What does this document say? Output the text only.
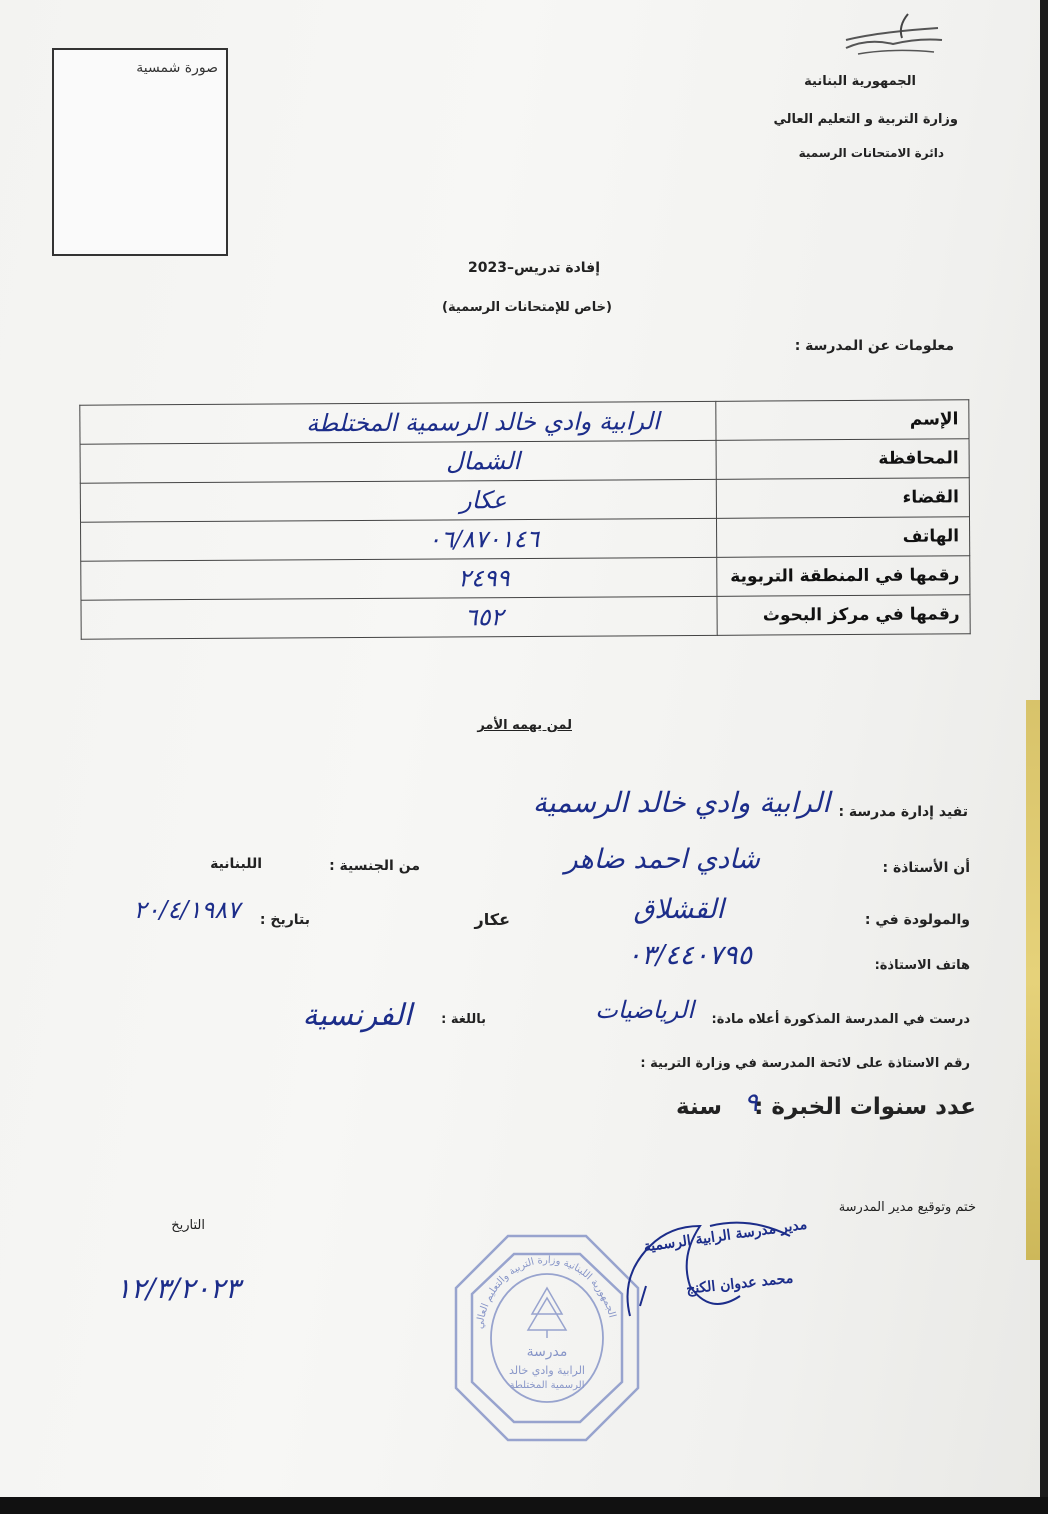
الجمهورية البنانية
وزارة التربية و التعليم العالي
دائرة الامتحانات الرسمية
صورة شمسية
إفادة تدريس–2023
(خاص للإمتحانات الرسمية)
معلومات عن المدرسة :
الإسم	الرابية وادي خالد الرسمية المختلطة
المحافظة	الشمال
القضاء	عكار
الهاتف	٠٦/٨٧٠١٤٦
رقمها في المنطقة التربوية	٢٤٩٩
رقمها في مركز البحوث	٦٥٢
لمن يهمه الأمر
تفيد إدارة مدرسة :
الرابية وادي خالد الرسمية
أن الأستاذة :
شادي احمد ضاهر
من الجنسية :
اللبنانية
والمولودة في :
القشلاق
عكار
بتاريخ :
٢٠/٤/١٩٨٧
هاتف الاستاذة:
٠٣/٤٤٠٧٩٥
درست في المدرسة المذكورة أعلاه مادة:
الرياضيات
باللغة :
الفرنسية
رقم الاستاذة على لائحة المدرسة في وزارة التربية :
عدد سنوات الخبرة :
٩
سنة
ختم وتوقيع مدير المدرسة
التاريخ
١٢/٣/٢٠٢٣
مدير مدرسة الرابية الرسمية
محمد عدوان الكنج
مدرسة
الرابية وادي خالد
الرسمية المختلطة
الجمهورية اللبنانية وزارة التربية والتعليم العالي
